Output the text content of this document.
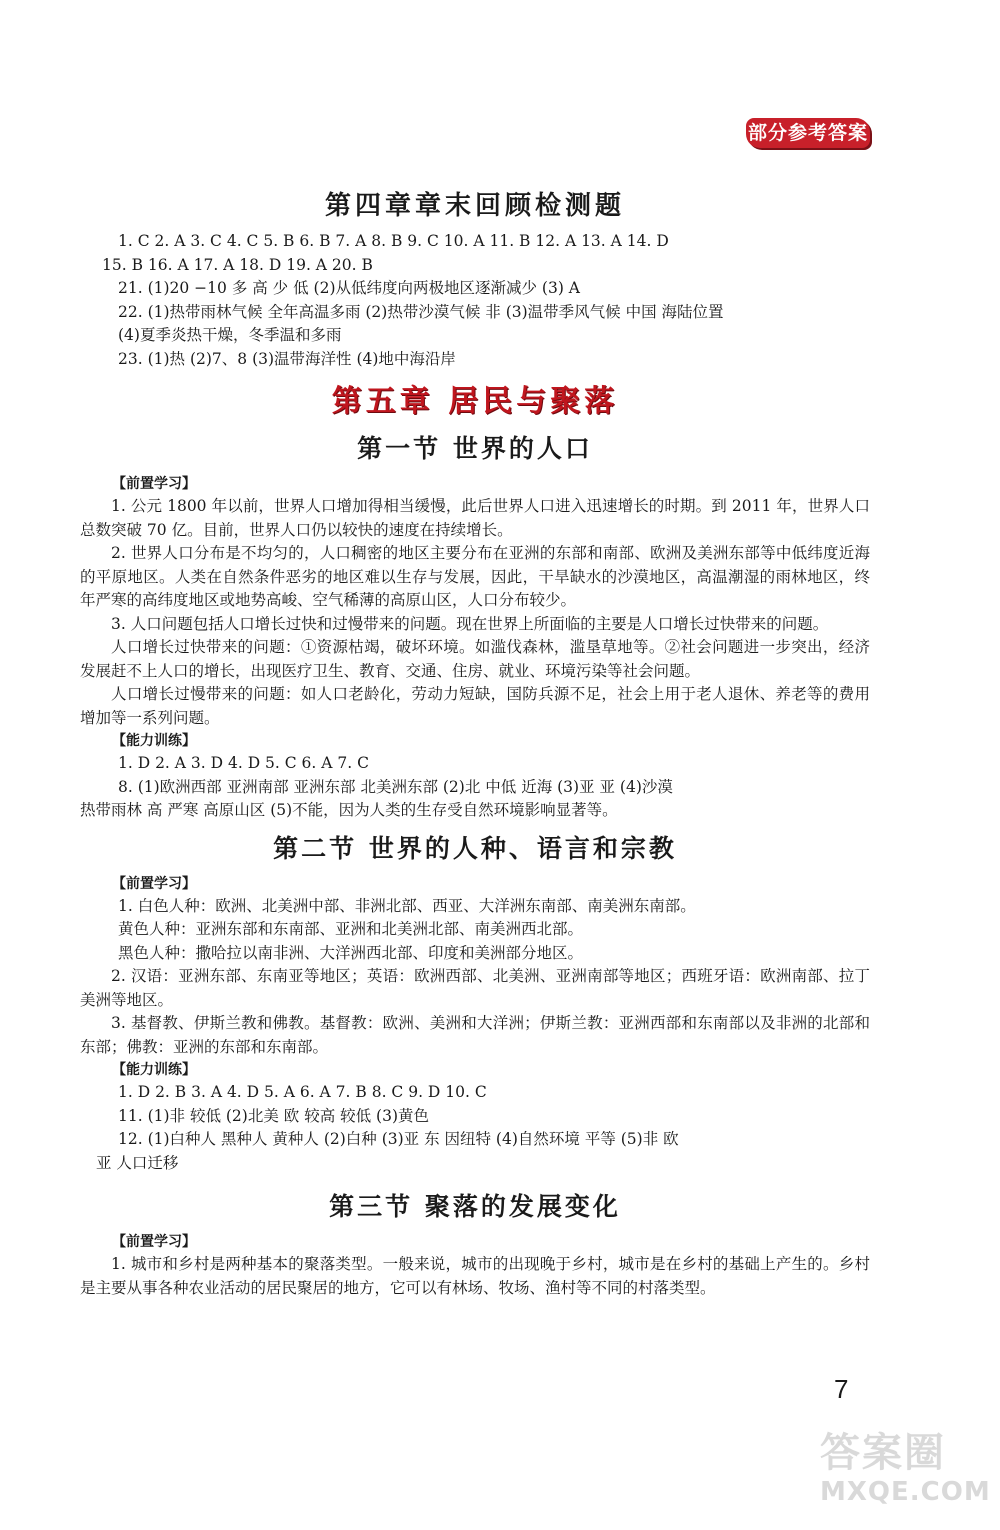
部分参考答案
第四章章末回顾检测题

1. C 2. A 3. C 4. C 5. B 6. B 7. A 8. B 9. C 10. A 11. B 12. A 13. A 14. D

15. B 16. A 17. A 18. D 19. A 20. B

21. (1)20 −10 多 高 少 低 (2)从低纬度向两极地区逐渐减少 (3) A

22. (1)热带雨林气候 全年高温多雨 (2)热带沙漠气候 非 (3)温带季风气候 中国 海陆位置

(4)夏季炎热干燥，冬季温和多雨

23. (1)热 (2)7、8 (3)温带海洋性 (4)地中海沿岸

第五章 居民与聚落
第一节 世界的人口
【前置学习】

1. 公元 1800 年以前，世界人口增加得相当缓慢，此后世界人口进入迅速增长的时期。到 2011 年，世界人口总数突破 70 亿。目前，世界人口仍以较快的速度在持续增长。

2. 世界人口分布是不均匀的，人口稠密的地区主要分布在亚洲的东部和南部、欧洲及美洲东部等中低纬度近海的平原地区。人类在自然条件恶劣的地区难以生存与发展，因此，干旱缺水的沙漠地区，高温潮湿的雨林地区，终年严寒的高纬度地区或地势高峻、空气稀薄的高原山区，人口分布较少。

3. 人口问题包括人口增长过快和过慢带来的问题。现在世界上所面临的主要是人口增长过快带来的问题。

人口增长过快带来的问题：①资源枯竭，破坏环境。如滥伐森林，滥垦草地等。②社会问题进一步突出，经济发展赶不上人口的增长，出现医疗卫生、教育、交通、住房、就业、环境污染等社会问题。

人口增长过慢带来的问题：如人口老龄化，劳动力短缺，国防兵源不足，社会上用于老人退休、养老等的费用增加等一系列问题。

【能力训练】

1. D 2. A 3. D 4. D 5. C 6. A 7. C

8. (1)欧洲西部 亚洲南部 亚洲东部 北美洲东部 (2)北 中低 近海 (3)亚 亚 (4)沙漠

热带雨林 高 严寒 高原山区 (5)不能，因为人类的生存受自然环境影响显著等。

第二节 世界的人种、语言和宗教
【前置学习】

1. 白色人种：欧洲、北美洲中部、非洲北部、西亚、大洋洲东南部、南美洲东南部。

黄色人种：亚洲东部和东南部、亚洲和北美洲北部、南美洲西北部。

黑色人种：撒哈拉以南非洲、大洋洲西北部、印度和美洲部分地区。

2. 汉语：亚洲东部、东南亚等地区；英语：欧洲西部、北美洲、亚洲南部等地区；西班牙语：欧洲南部、拉丁美洲等地区。

3. 基督教、伊斯兰教和佛教。基督教：欧洲、美洲和大洋洲；伊斯兰教：亚洲西部和东南部以及非洲的北部和东部；佛教：亚洲的东部和东南部。

【能力训练】

1. D 2. B 3. A 4. D 5. A 6. A 7. B 8. C 9. D 10. C

11. (1)非 较低 (2)北美 欧 较高 较低 (3)黄色

12. (1)白种人 黑种人 黄种人 (2)白种 (3)亚 东 因纽特 (4)自然环境 平等 (5)非 欧

亚 人口迁移

第三节 聚落的发展变化
【前置学习】

1. 城市和乡村是两种基本的聚落类型。一般来说，城市的出现晚于乡村，城市是在乡村的基础上产生的。乡村是主要从事各种农业活动的居民聚居的地方，它可以有林场、牧场、渔村等不同的村落类型。

7
答案圈
MXQE.COM
